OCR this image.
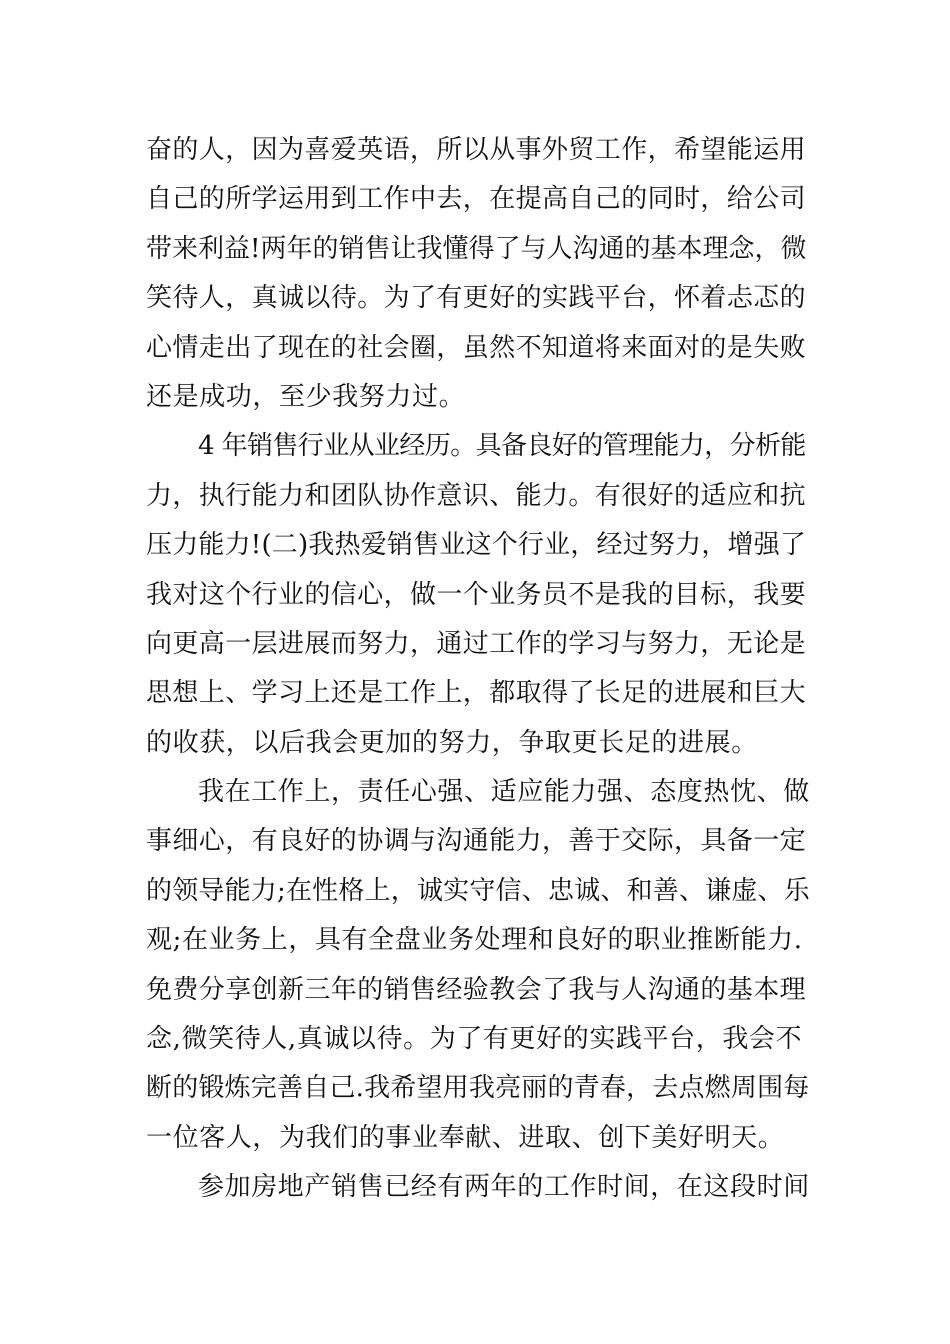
奋的人，因为喜爱英语，所以从事外贸工作，希望能运用
自己的所学运用到工作中去，在提高自己的同时，给公司
带来利益!两年的销售让我懂得了与人沟通的基本理念，微
笑待人，真诚以待。为了有更好的实践平台，怀着忐忑的
心情走出了现在的社会圈，虽然不知道将来面对的是失败
还是成功，至少我努力过。
4 年销售行业从业经历。具备良好的管理能力，分析能
力，执行能力和团队协作意识、能力。有很好的适应和抗
压力能力!(二)我热爱销售业这个行业，经过努力，增强了
我对这个行业的信心，做一个业务员不是我的目标，我要
向更高一层进展而努力，通过工作的学习与努力，无论是
思想上、学习上还是工作上，都取得了长足的进展和巨大
的收获，以后我会更加的努力，争取更长足的进展。
我在工作上，责任心强、适应能力强、态度热忱、做
事细心，有良好的协调与沟通能力，善于交际，具备一定
的领导能力;在性格上，诚实守信、忠诚、和善、谦虚、乐
观;在业务上，具有全盘业务处理和良好的职业推断能力.
免费分享创新三年的销售经验教会了我与人沟通的基本理
念,微笑待人,真诚以待。为了有更好的实践平台，我会不
断的锻炼完善自己.我希望用我亮丽的青春，去点燃周围每
一位客人，为我们的事业奉献、进取、创下美好明天。
参加房地产销售已经有两年的工作时间，在这段时间
